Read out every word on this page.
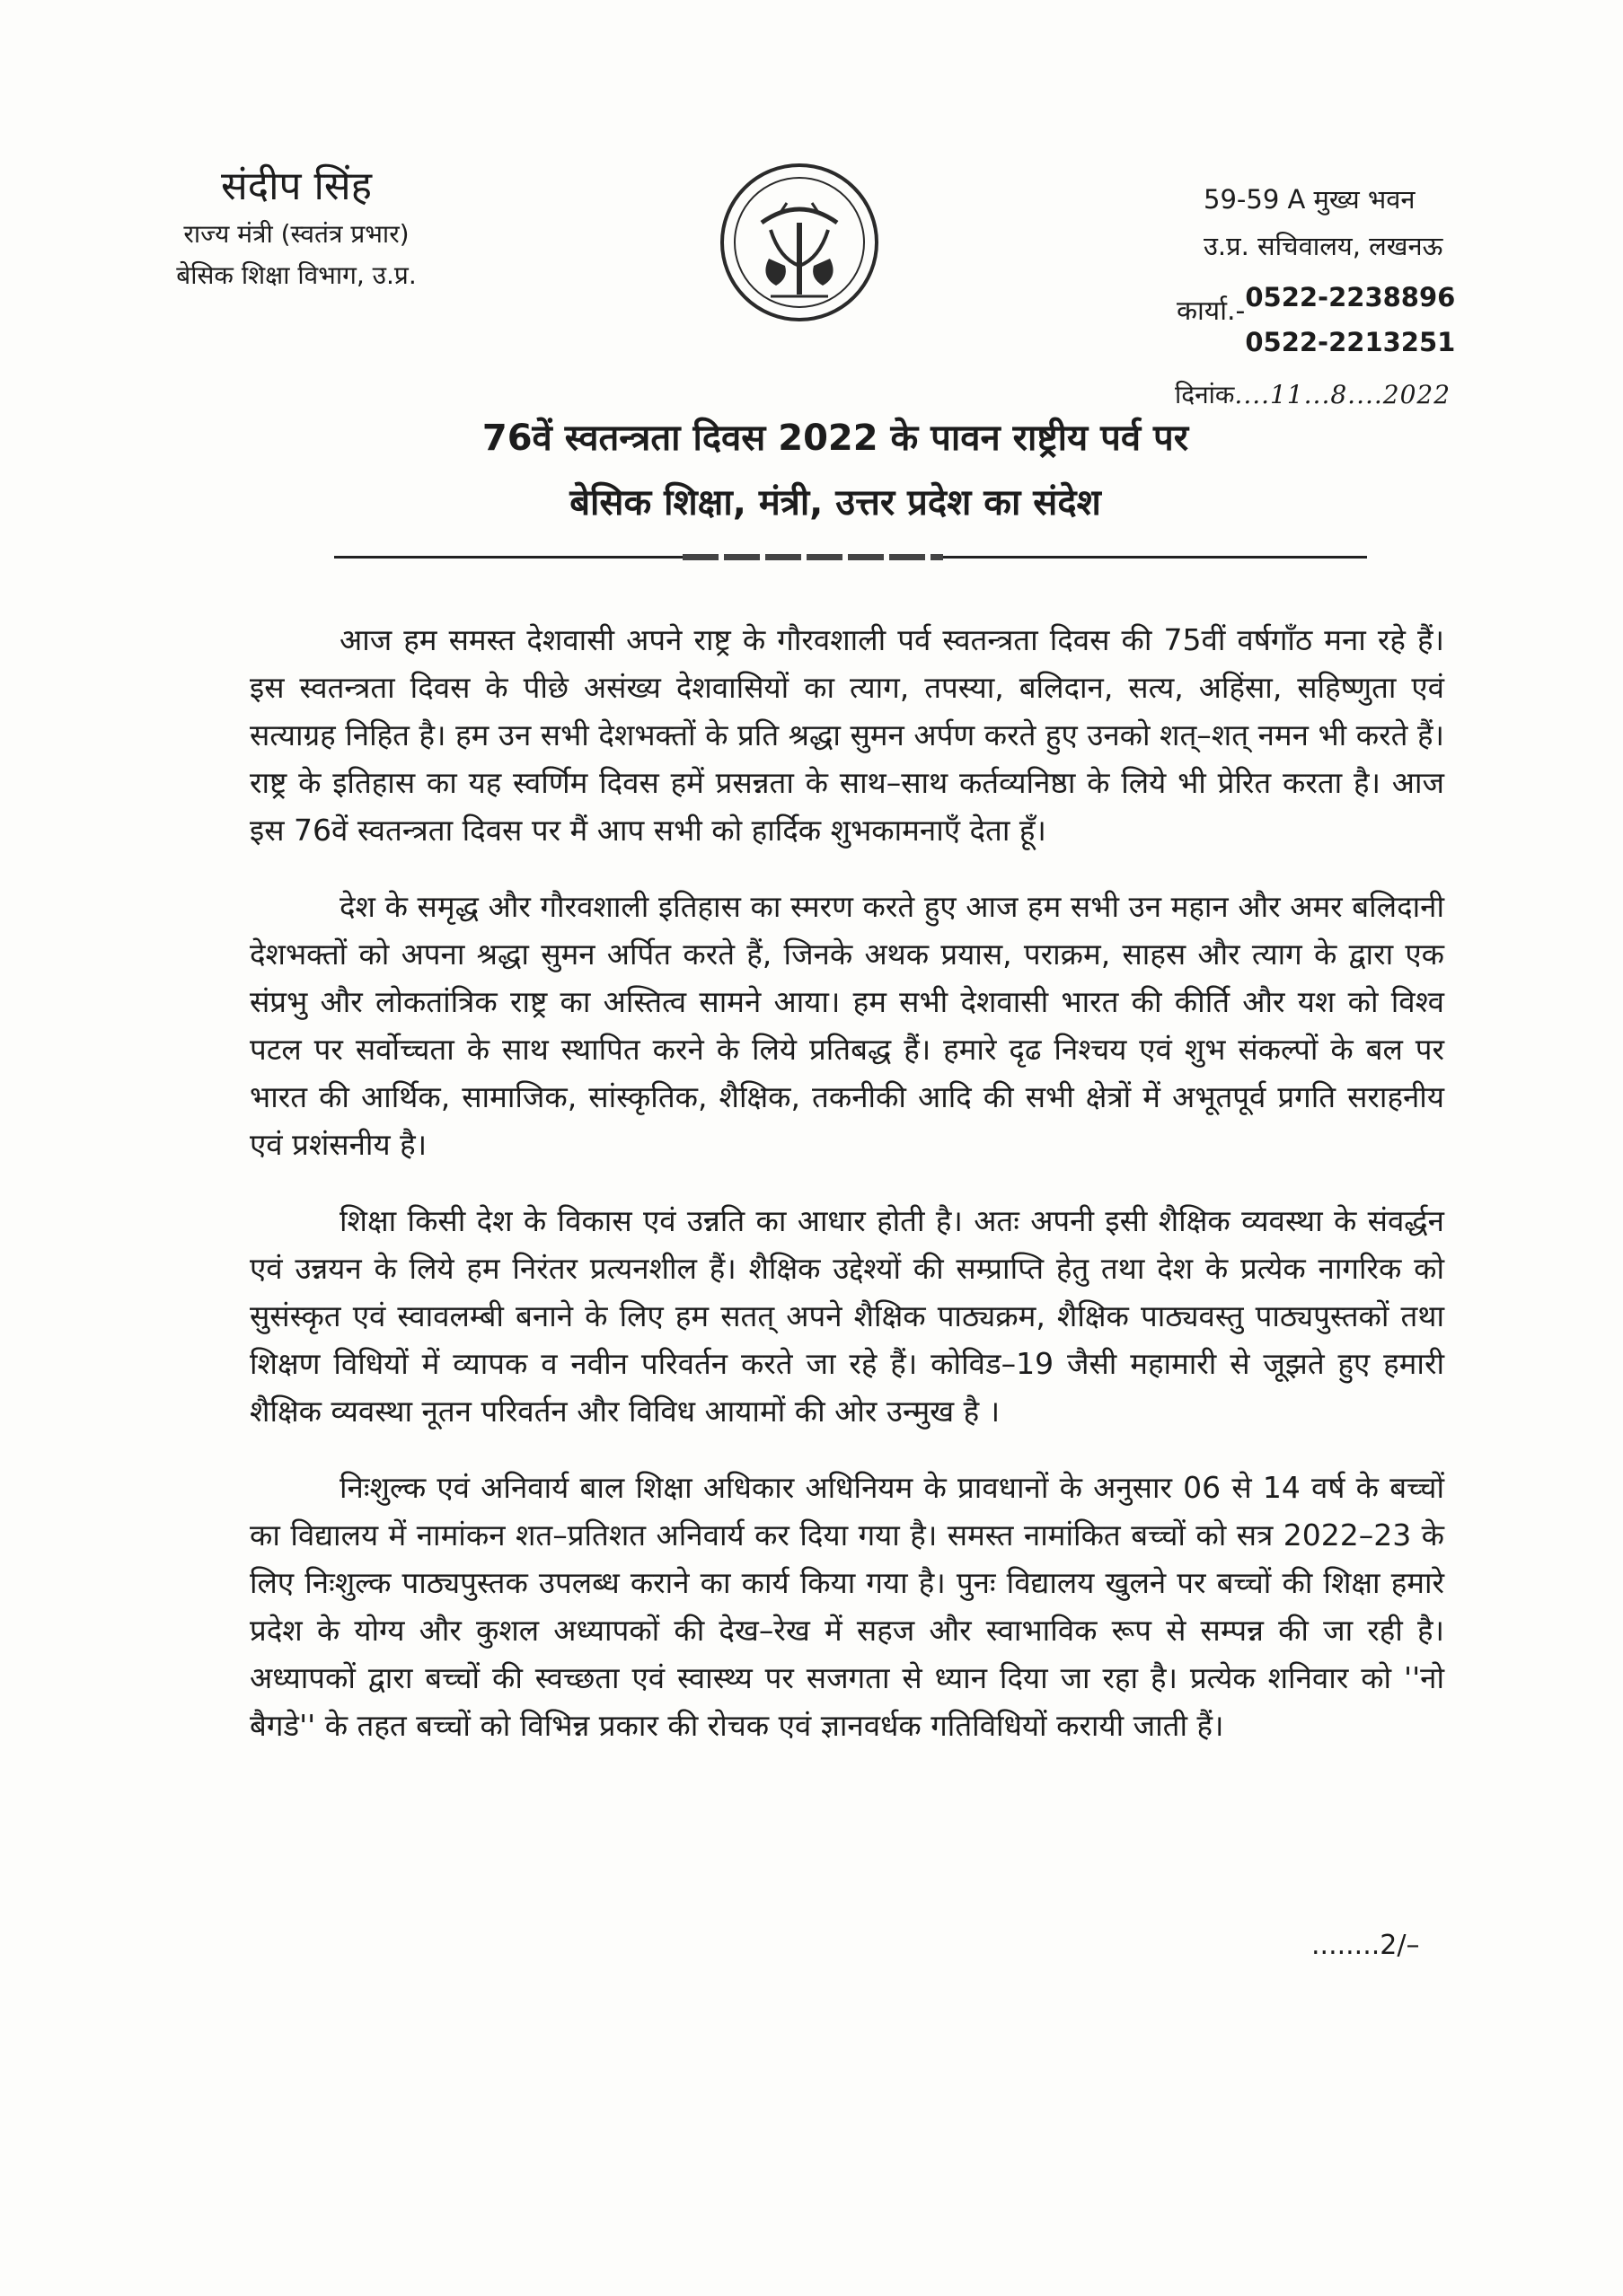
संदीप सिंह
राज्य मंत्री (स्वतंत्र प्रभार)
बेसिक शिक्षा विभाग, उ.प्र.
59-59 A मुख्य भवन
उ.प्र. सचिवालय, लखनऊ
कार्या.- 0522-2238896
0522-2213251
दिनांक....11...8....2022
76वें स्वतन्त्रता दिवस 2022 के पावन राष्ट्रीय पर्व पर
बेसिक शिक्षा, मंत्री, उत्तर प्रदेश का संदेश

आज हम समस्त देशवासी अपने राष्ट्र के गौरवशाली पर्व स्वतन्त्रता दिवस की 75वीं वर्षगाँठ मना रहे हैं। इस स्वतन्त्रता दिवस के पीछे असंख्य देशवासियों का त्याग, तपस्या, बलिदान, सत्य, अहिंसा, सहिष्णुता एवं सत्याग्रह निहित है। हम उन सभी देशभक्तों के प्रति श्रद्धा सुमन अर्पण करते हुए उनको शत्–शत् नमन भी करते हैं। राष्ट्र के इतिहास का यह स्वर्णिम दिवस हमें प्रसन्नता के साथ–साथ कर्तव्यनिष्ठा के लिये भी प्रेरित करता है। आज इस 76वें स्वतन्त्रता दिवस पर मैं आप सभी को हार्दिक शुभकामनाएँ देता हूँ।

देश के समृद्ध और गौरवशाली इतिहास का स्मरण करते हुए आज हम सभी उन महान और अमर बलिदानी देशभक्तों को अपना श्रद्धा सुमन अर्पित करते हैं, जिनके अथक प्रयास, पराक्रम, साहस और त्याग के द्वारा एक संप्रभु और लोकतांत्रिक राष्ट्र का अस्तित्व सामने आया। हम सभी देशवासी भारत की कीर्ति और यश को विश्व पटल पर सर्वोच्चता के साथ स्थापित करने के लिये प्रतिबद्ध हैं। हमारे दृढ निश्चय एवं शुभ संकल्पों के बल पर भारत की आर्थिक, सामाजिक, सांस्कृतिक, शैक्षिक, तकनीकी आदि की सभी क्षेत्रों में अभूतपूर्व प्रगति सराहनीय एवं प्रशंसनीय है।

शिक्षा किसी देश के विकास एवं उन्नति का आधार होती है। अतः अपनी इसी शैक्षिक व्यवस्था के संवर्द्धन एवं उन्नयन के लिये हम निरंतर प्रत्यनशील हैं। शैक्षिक उद्देश्यों की सम्प्राप्ति हेतु तथा देश के प्रत्येक नागरिक को सुसंस्कृत एवं स्वावलम्बी बनाने के लिए हम सतत् अपने शैक्षिक पाठ्यक्रम, शैक्षिक पाठ्यवस्तु पाठ्यपुस्तकों तथा शिक्षण विधियों में व्यापक व नवीन परिवर्तन करते जा रहे हैं। कोविड–19 जैसी महामारी से जूझते हुए हमारी शैक्षिक व्यवस्था नूतन परिवर्तन और विविध आयामों की ओर उन्मुख है ।

निःशुल्क एवं अनिवार्य बाल शिक्षा अधिकार अधिनियम के प्रावधानों के अनुसार 06 से 14 वर्ष के बच्चों का विद्यालय में नामांकन शत–प्रतिशत अनिवार्य कर दिया गया है। समस्त नामांकित बच्चों को सत्र 2022–23 के लिए निःशुल्क पाठ्यपुस्तक उपलब्ध कराने का कार्य किया गया है। पुनः विद्यालय खुलने पर बच्चों की शिक्षा हमारे प्रदेश के योग्य और कुशल अध्यापकों की देख–रेख में सहज और स्वाभाविक रूप से सम्पन्न की जा रही है। अध्यापकों द्वारा बच्चों की स्वच्छता एवं स्वास्थ्य पर सजगता से ध्यान दिया जा रहा है। प्रत्येक शनिवार को ''नो बैगडे'' के तहत बच्चों को विभिन्न प्रकार की रोचक एवं ज्ञानवर्धक गतिविधियों करायी जाती हैं।

........2/–
